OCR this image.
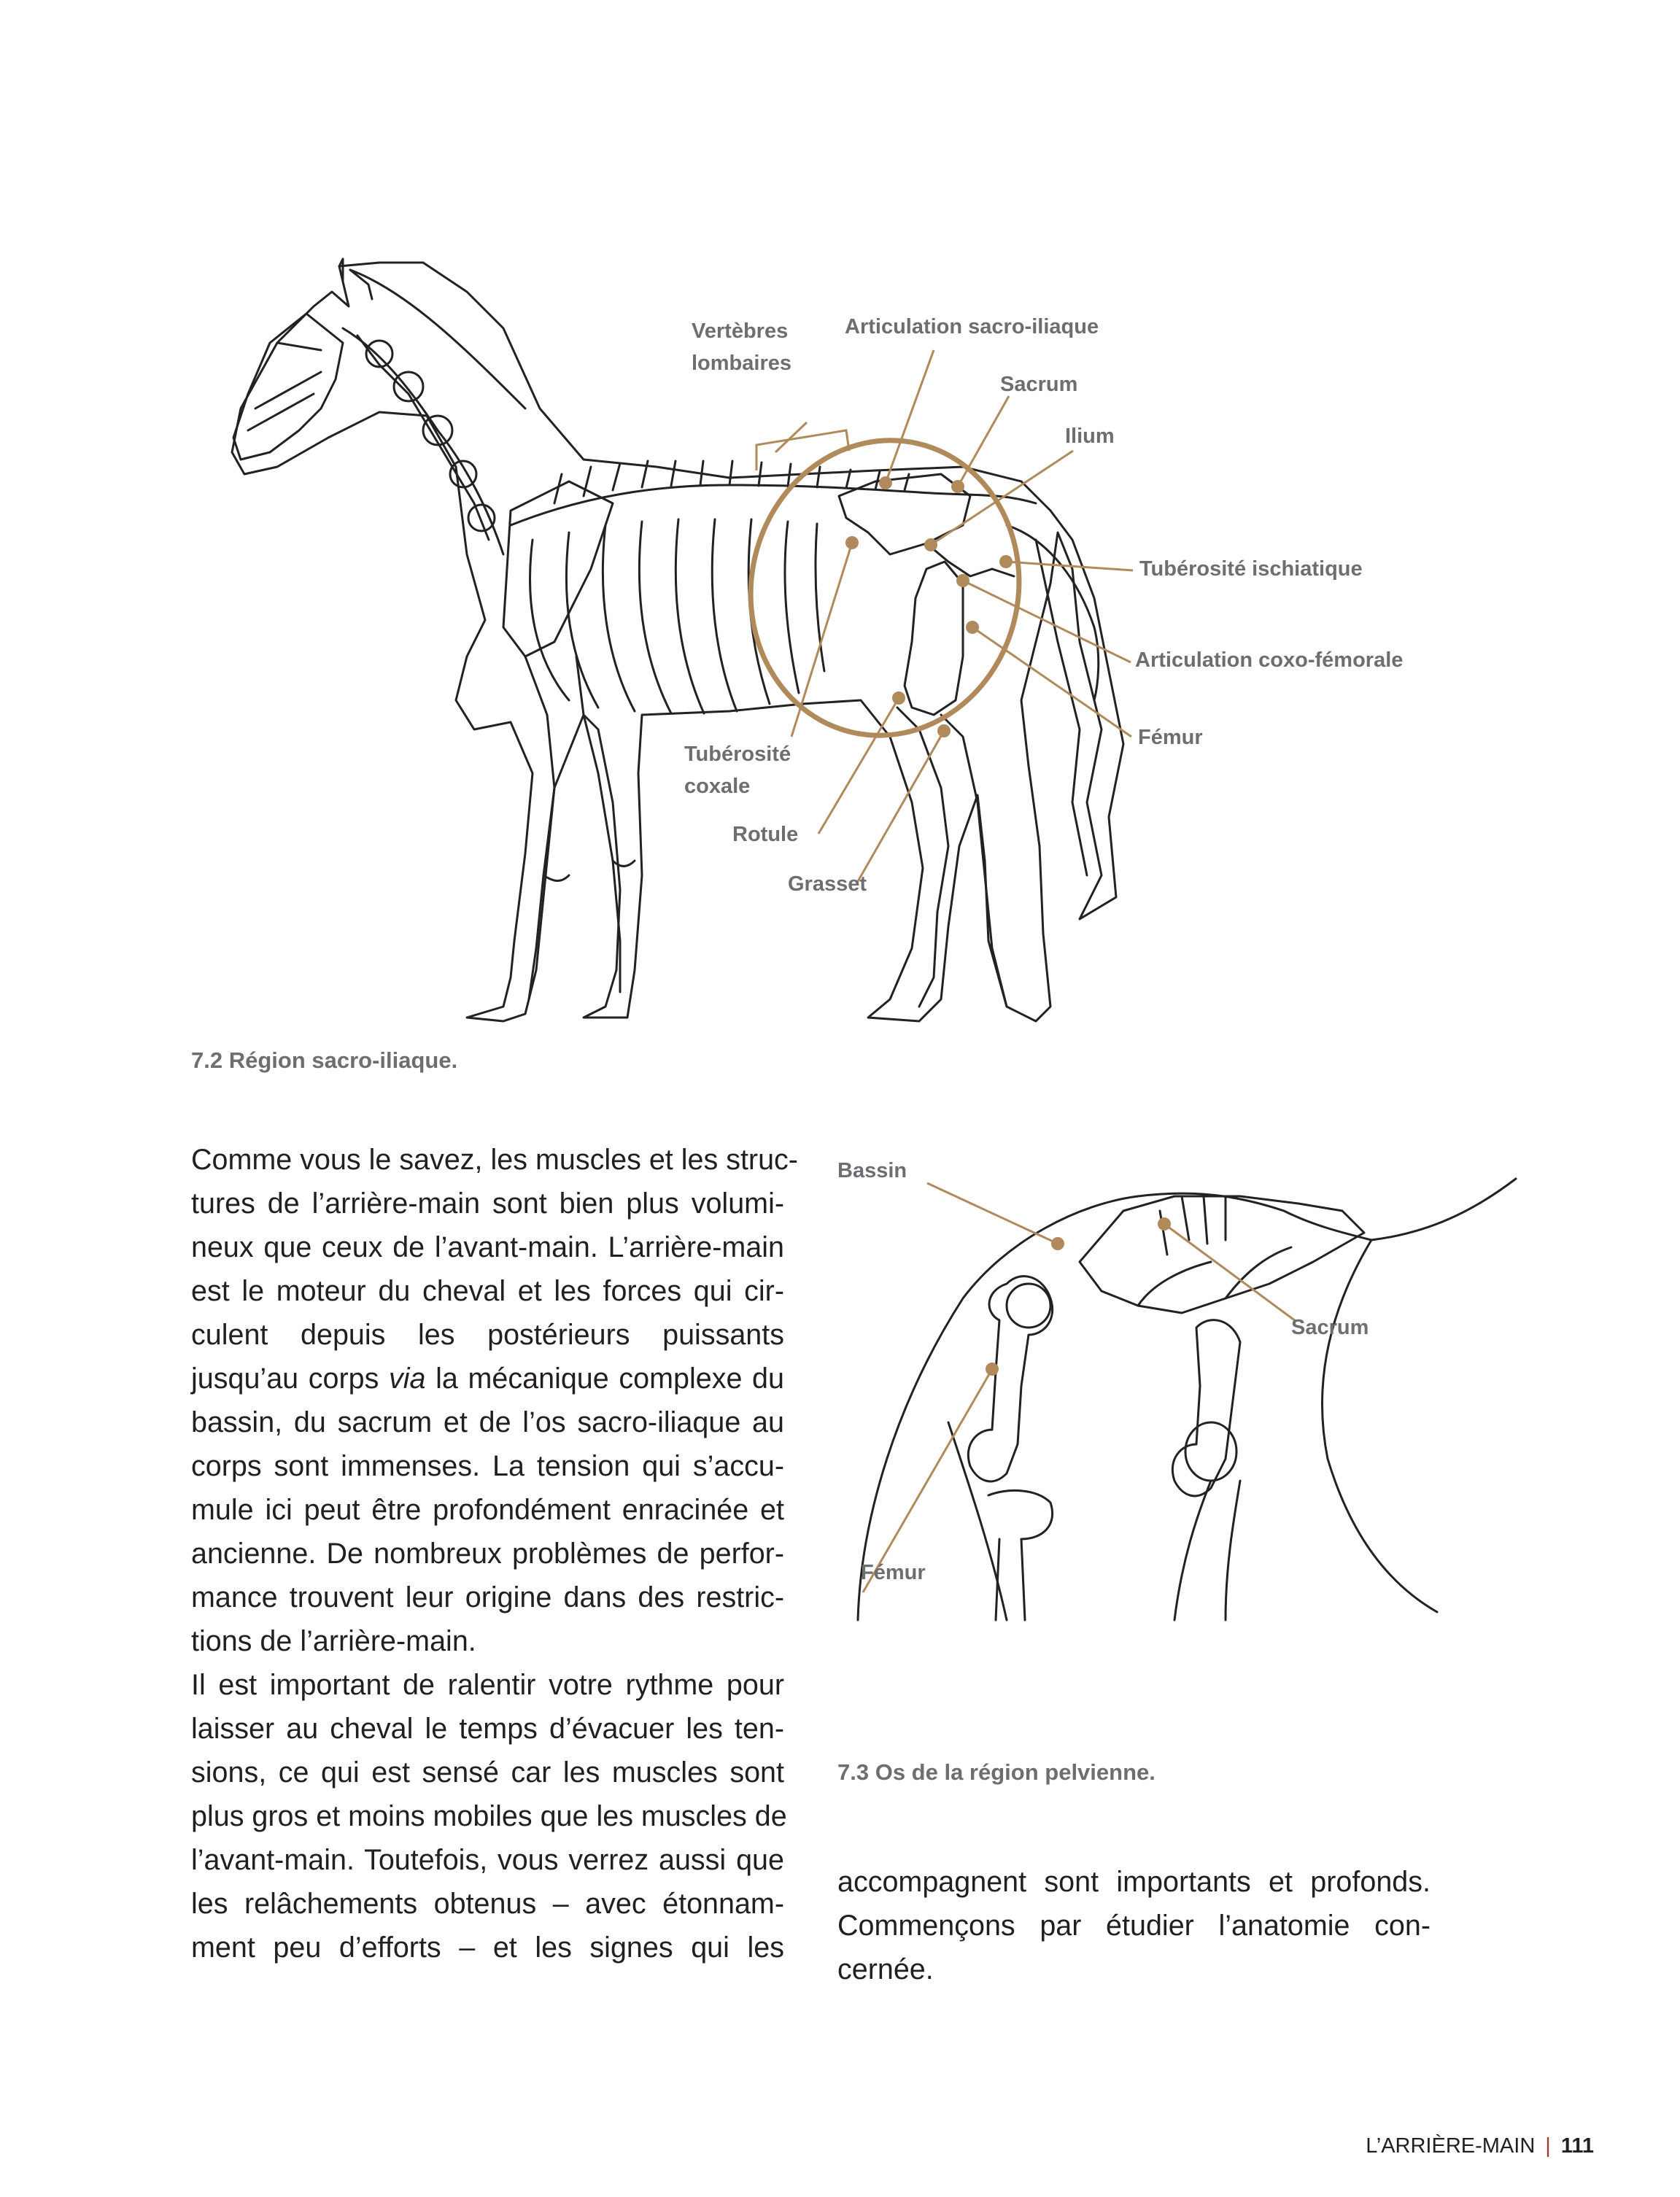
Vertèbres
lombaires
Articulation sacro-iliaque
Sacrum
Ilium
Tubérosité ischiatique
Articulation coxo-fémorale
Fémur
Tubérosité
coxale
Rotule
Grasset
7.2 Région sacro-iliaque.
Bassin
Sacrum
Fémur
7.3 Os de la région pelvienne.

Comme vous le savez, les muscles et les struc-
tures de l’arrière-main sont bien plus volumi-
neux que ceux de l’avant-main. L’arrière-main
est le moteur du cheval et les forces qui cir-
culent depuis les postérieurs puissants
jusqu’au corps via la mécanique complexe du
bassin, du sacrum et de l’os sacro-iliaque au
corps sont immenses. La tension qui s’accu-
mule ici peut être profondément enracinée et
ancienne. De nombreux problèmes de perfor-
mance trouvent leur origine dans des restric-
tions de l’arrière-main.

Il est important de ralentir votre rythme pour
laisser au cheval le temps d’évacuer les ten-
sions, ce qui est sensé car les muscles sont
plus gros et moins mobiles que les muscles de
l’avant-main. Toutefois, vous verrez aussi que
les relâchements obtenus – avec étonnam-
ment peu d’efforts – et les signes qui les

accompagnent sont importants et profonds.
Commençons par étudier l’anatomie con-
cernée.

L’ARRIÈRE-MAIN | 111
